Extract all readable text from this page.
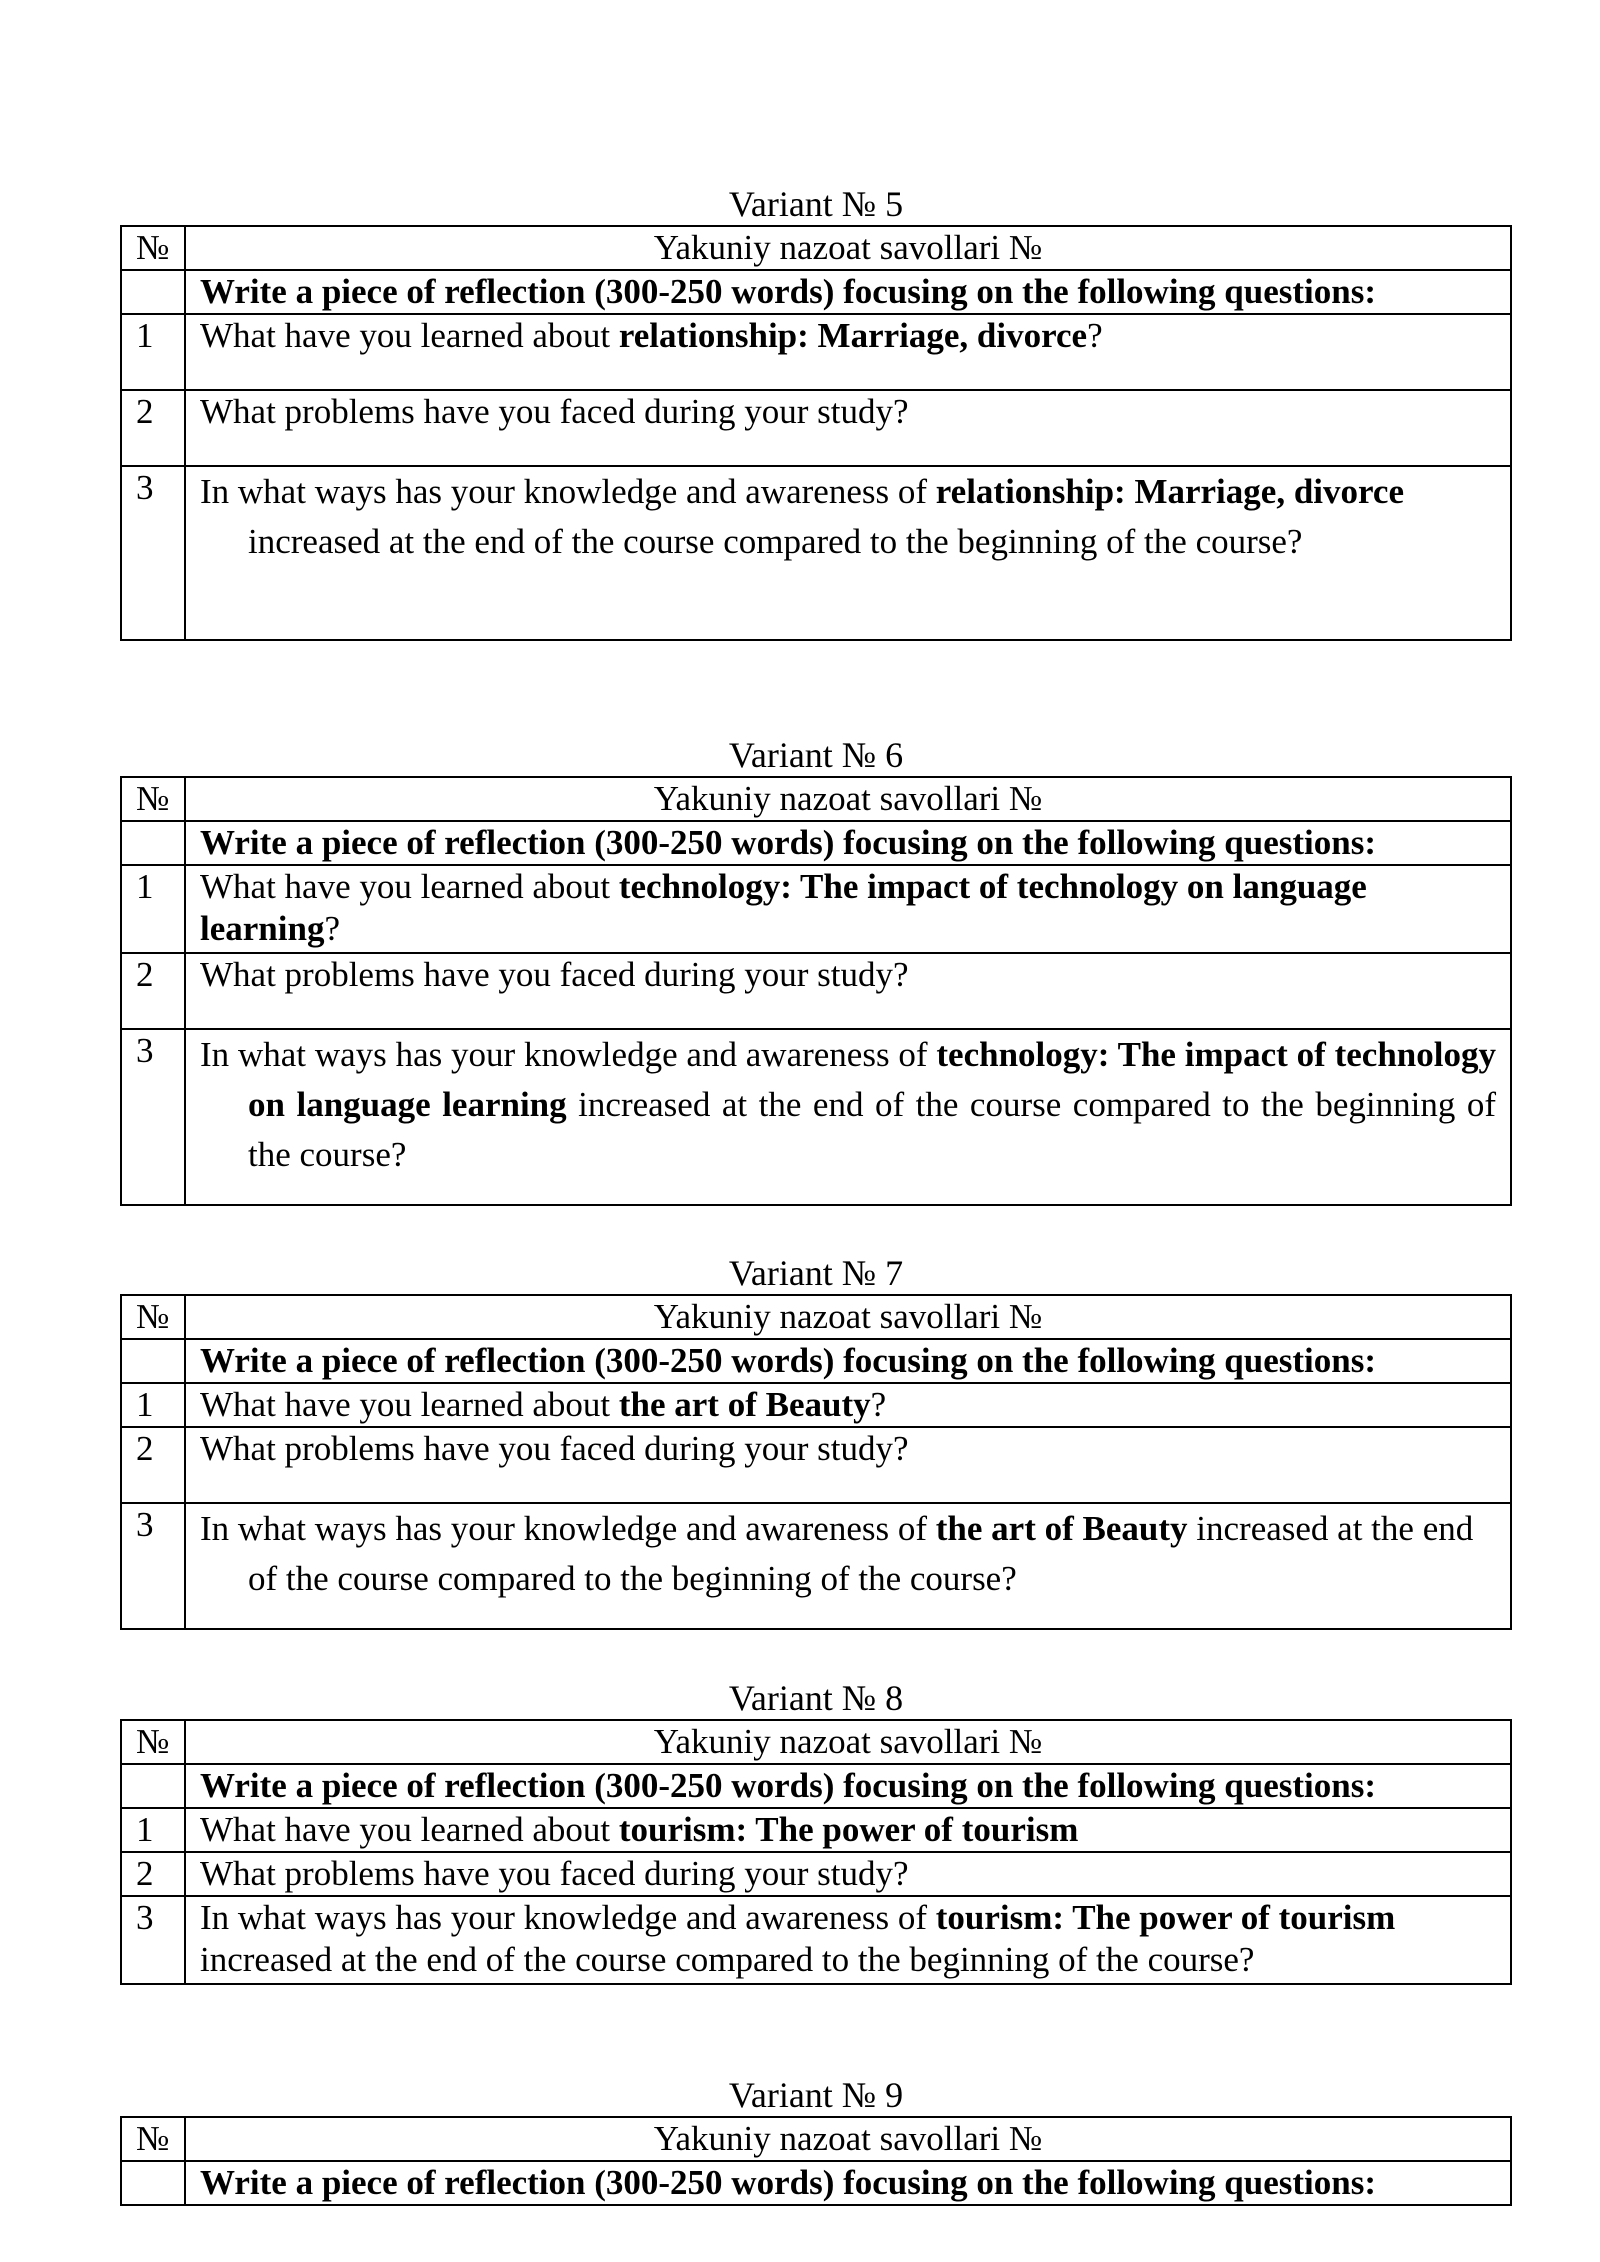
Variant № 5
№	Yakuniy nazoat savollari №
	Write a piece of reflection (300-250 words) focusing on the following questions:
1	What have you learned about relationship: Marriage, divorce?
2	What problems have you faced during your study?
3	In what ways has your knowledge and awareness of relationship: Marriage, divorce increased at the end of the course compared to the beginning of the course?
Variant № 6
№	Yakuniy nazoat savollari №
	Write a piece of reflection (300-250 words) focusing on the following questions:
1	What have you learned about technology: The impact of technology on language learning?
2	What problems have you faced during your study?
3	In what ways has your knowledge and awareness of technology: The impact of technology on language learning increased at the end of the course compared to the beginning of the course?
Variant № 7
№	Yakuniy nazoat savollari №
	Write a piece of reflection (300-250 words) focusing on the following questions:
1	What have you learned about the art of Beauty?
2	What problems have you faced during your study?
3	In what ways has your knowledge and awareness of the art of Beauty increased at the end of the course compared to the beginning of the course?
Variant № 8
№	Yakuniy nazoat savollari №
	Write a piece of reflection (300-250 words) focusing on the following questions:
1	What have you learned about tourism: The power of tourism
2	What problems have you faced during your study?
3	In what ways has your knowledge and awareness of tourism: The power of tourism increased at the end of the course compared to the beginning of the course?
Variant № 9
№	Yakuniy nazoat savollari №
	Write a piece of reflection (300-250 words) focusing on the following questions:
